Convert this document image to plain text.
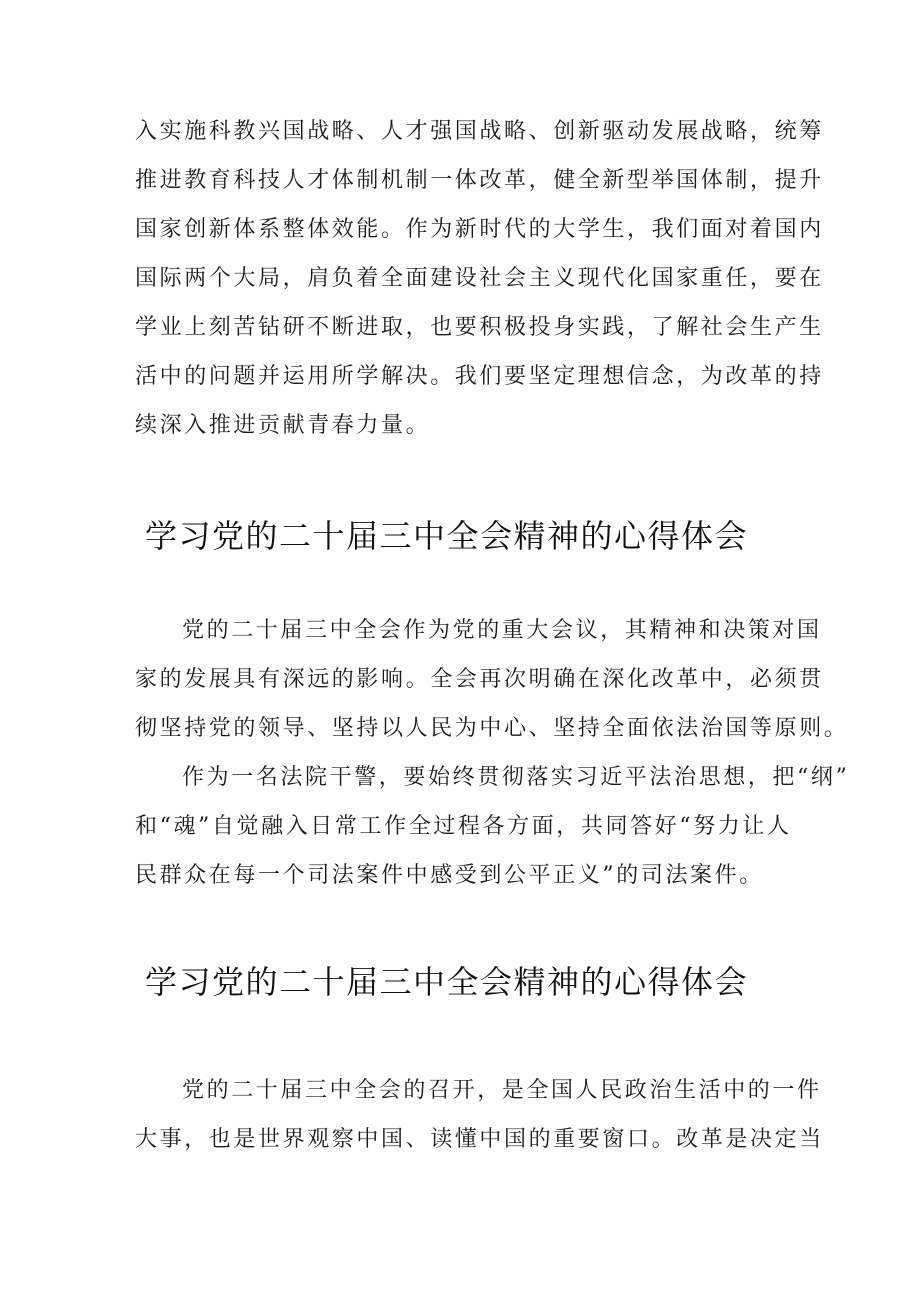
入实施科教兴国战略、人才强国战略、创新驱动发展战略，统筹
推进教育科技人才体制机制一体改革，健全新型举国体制，提升
国家创新体系整体效能。作为新时代的大学生，我们面对着国内
国际两个大局，肩负着全面建设社会主义现代化国家重任，要在
学业上刻苦钻研不断进取，也要积极投身实践，了解社会生产生
活中的问题并运用所学解决。我们要坚定理想信念，为改革的持
续深入推进贡献青春力量。
学习党的二十届三中全会精神的心得体会
党的二十届三中全会作为党的重大会议，其精神和决策对国
家的发展具有深远的影响。全会再次明确在深化改革中，必须贯
彻坚持党的领导、坚持以人民为中心、坚持全面依法治国等原则。
作为一名法院干警，要始终贯彻落实习近平法治思想，把“纲”
和“魂”自觉融入日常工作全过程各方面，共同答好“努力让人
民群众在每一个司法案件中感受到公平正义”的司法案件。
学习党的二十届三中全会精神的心得体会
党的二十届三中全会的召开，是全国人民政治生活中的一件
大事，也是世界观察中国、读懂中国的重要窗口。改革是决定当
